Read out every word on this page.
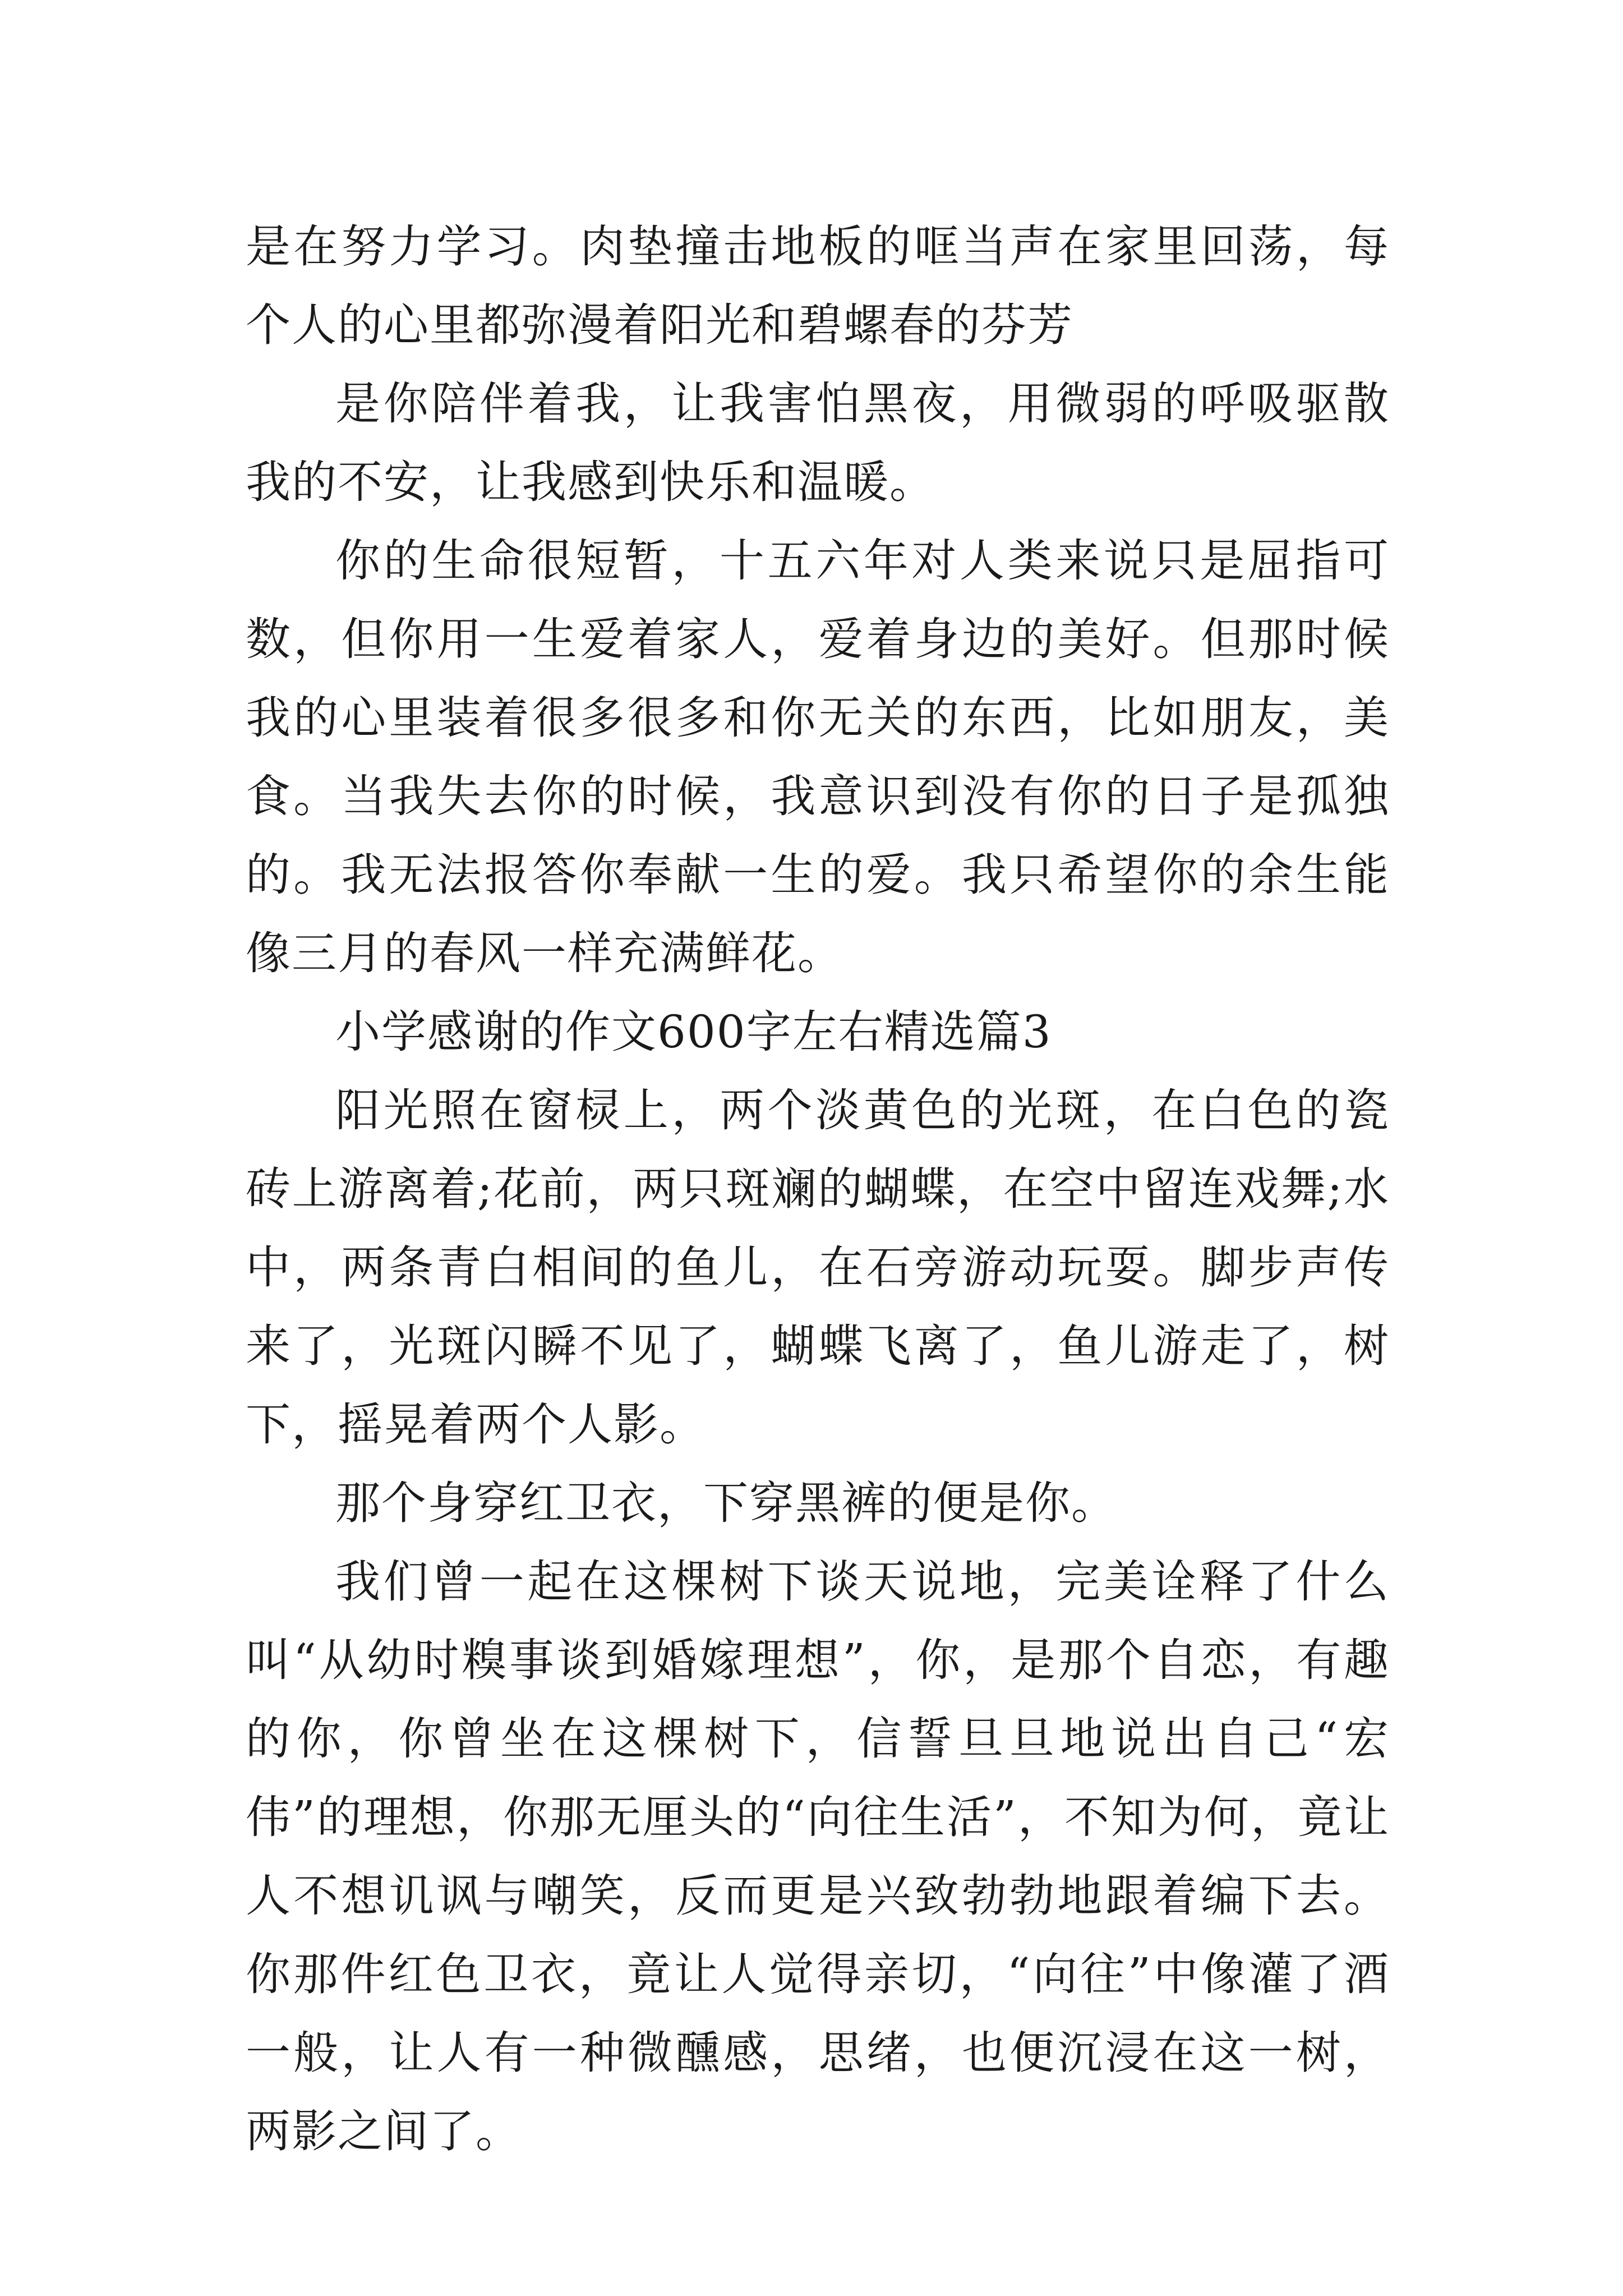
是在努力学习。肉垫撞击地板的哐当声在家里回荡，每个人的心里都弥漫着阳光和碧螺春的芬芳

是你陪伴着我，让我害怕黑夜，用微弱的呼吸驱散我的不安，让我感到快乐和温暖。

你的生命很短暂，十五六年对人类来说只是屈指可数，但你用一生爱着家人，爱着身边的美好。但那时候我的心里装着很多很多和你无关的东西，比如朋友，美食。当我失去你的时候，我意识到没有你的日子是孤独的。我无法报答你奉献一生的爱。我只希望你的余生能像三月的春风一样充满鲜花。

小学感谢的作文600字左右精选篇3

阳光照在窗棂上，两个淡黄色的光斑，在白色的瓷砖上游离着;花前，两只斑斓的蝴蝶，在空中留连戏舞;水中，两条青白相间的鱼儿，在石旁游动玩耍。脚步声传来了，光斑闪瞬不见了，蝴蝶飞离了，鱼儿游走了，树下，摇晃着两个人影。

那个身穿红卫衣，下穿黑裤的便是你。

我们曾一起在这棵树下谈天说地，完美诠释了什么叫“从幼时糗事谈到婚嫁理想”，你，是那个自恋，有趣的你，你曾坐在这棵树下，信誓旦旦地说出自己“宏伟”的理想，你那无厘头的“向往生活”，不知为何，竟让人不想讥讽与嘲笑，反而更是兴致勃勃地跟着编下去。你那件红色卫衣，竟让人觉得亲切，“向往”中像灌了酒一般，让人有一种微醺感，思绪，也便沉浸在这一树，两影之间了。
